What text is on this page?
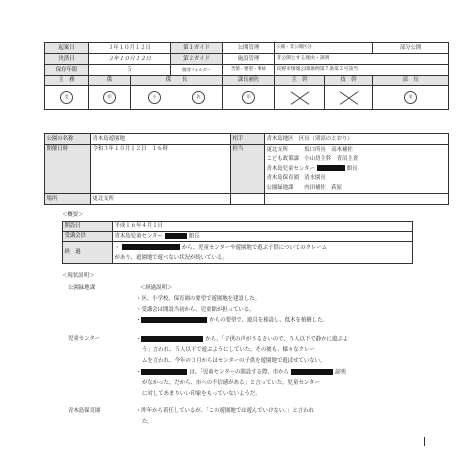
起案日	３年１０月１２日		第１ガイド	公開管理	公開・非公開区分		部分公開
決済日	３年１０月１２日		第２ガイド	施設管理	非公開とする理由・説明		
保存年限	５		個別フォルダー	苦情・要望・事故	長野市情報公開条例第７条第２号該当		
主　務	係	係　　長		課長補佐	主　幹	技　幹	部　長

受	印	小 佐		印			栄
公園の名称	青木島遊園地	相手	青木島地区　区長（別添のとおり）
開催日時	令和３年１０月１２日　１６時	担当	更北支所　　　坂口所長　高木補佐
こども政策課　小山切主幹　青沼主査
青木島児童センター 館長
青木島保育園　清水園長
公園緑地課　　内田補佐　荻原

場所	更北支所		
＜概要＞
開設日	平成１６年４月１日
受講会員	青木島児童センター 館長
経　過	・ から、児童センターや遊園地で遊ぶ子供についてのクレーム
があり、遊園地で遊べない状況が続いている。
＜現状説明＞
公園緑地課	＜経過説明＞
・区、小学校、保育園の要望で遊園地を建設した。
・受講会は開設当初から、児童館が担っている。
・	からの要望で、遊具を移設し、低木を植樹した。
児童センター	・	から、「子供の声がうるさいので、５人以下で静かに遊ぶよ
う」言われ、５人以下で遊ぶようにしていた。その後も、様々なクレー
ムを言われ、今年の３月からはセンターの子供を遊園地で遊ばせていない。
・	は、「児童センターの開設する際、市から	説明
がなかった。だから、市への不信感がある」と言っていた。児童センター
に対してあまりいい印象をもっていないようだ。
青木島保育園	・昨年から着任しているが、「この遊園地では遊んでいけない。」と言われ
た。
